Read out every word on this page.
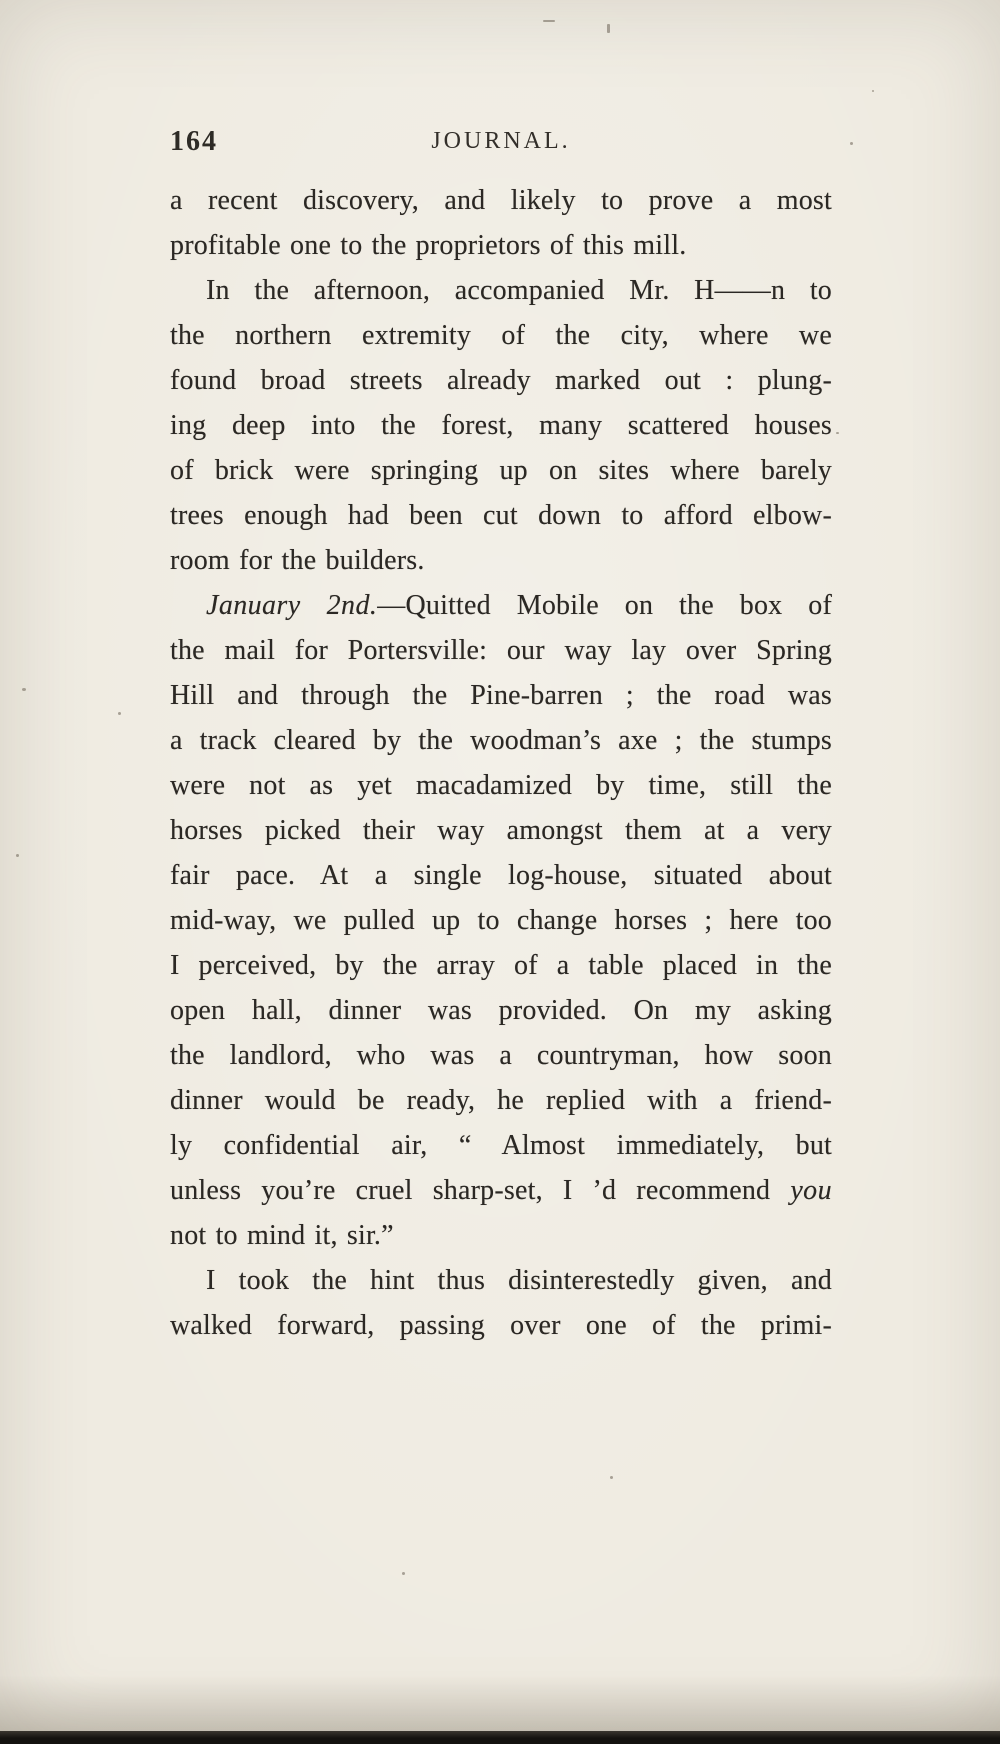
164	JOURNAL.
a recent discovery, and likely to prove a most
profitable one to the proprietors of this mill.
In the afternoon, accompanied Mr. H——n to
the northern extremity of the city, where we
found broad streets already marked out : plung-
ing deep into the forest, many scattered houses
of brick were springing up on sites where barely
trees enough had been cut down to afford elbow-
room for the builders.
January 2nd.—Quitted Mobile on the box of
the mail for Portersville: our way lay over Spring
Hill and through the Pine-barren ; the road was
a track cleared by the woodman’s axe ; the stumps
were not as yet macadamized by time, still the
horses picked their way amongst them at a very
fair pace. At a single log-house, situated about
mid-way, we pulled up to change horses ; here too
I perceived, by the array of a table placed in the
open hall, dinner was provided. On my asking
the landlord, who was a countryman, how soon
dinner would be ready, he replied with a friend-
ly confidential air, “ Almost immediately, but
unless you’re cruel sharp-set, I ’d recommend you
not to mind it, sir.”
I took the hint thus disinterestedly given, and
walked forward, passing over one of the primi-
